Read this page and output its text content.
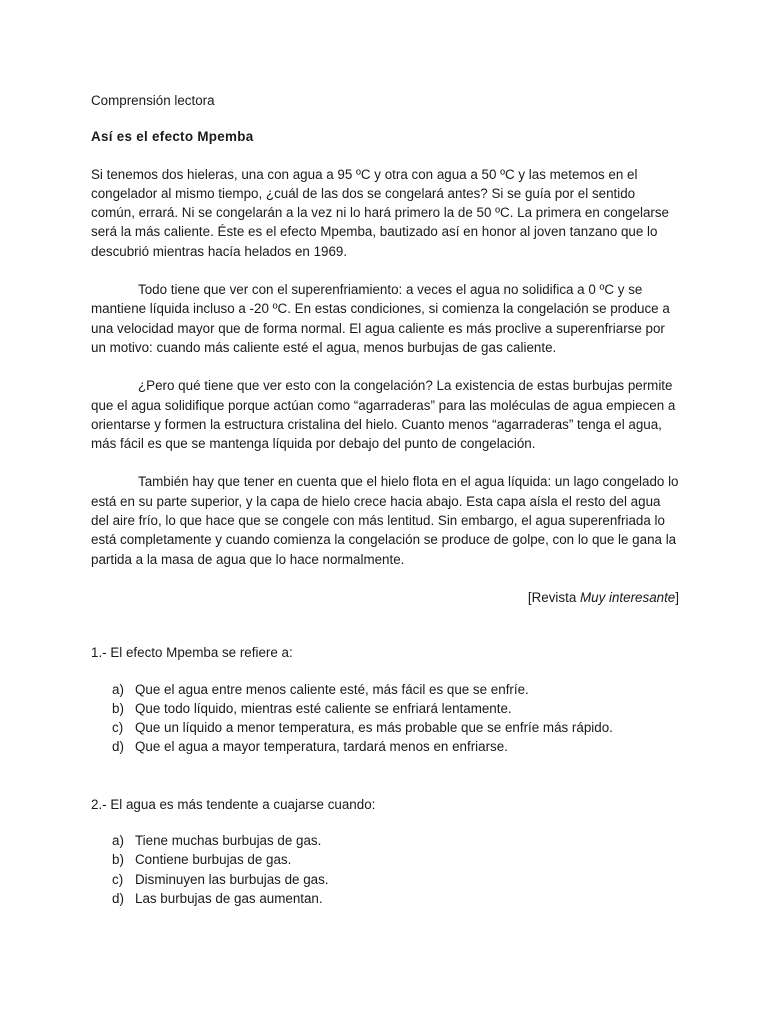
Comprensión lectora

Así es el efecto Mpemba

Si tenemos dos hieleras, una con agua a 95 ºC y otra con agua a 50 ºC y las metemos en el congelador al mismo tiempo, ¿cuál de las dos se congelará antes? Si se guía por el sentido común, errará. Ni se congelarán a la vez ni lo hará primero la de 50 ºC. La primera en congelarse será la más caliente. Éste es el efecto Mpemba, bautizado así en honor al joven tanzano que lo descubrió mientras hacía helados en 1969.

Todo tiene que ver con el superenfriamiento: a veces el agua no solidifica a 0 ºC y se mantiene líquida incluso a -20 ºC. En estas condiciones, si comienza la congelación se produce a una velocidad mayor que de forma normal. El agua caliente es más proclive a superenfriarse por un motivo: cuando más caliente esté el agua, menos burbujas de gas caliente.

¿Pero qué tiene que ver esto con la congelación? La existencia de estas burbujas permite que el agua solidifique porque actúan como “agarraderas” para las moléculas de agua empiecen a orientarse y formen la estructura cristalina del hielo. Cuanto menos “agarraderas” tenga el agua, más fácil es que se mantenga líquida por debajo del punto de congelación.

También hay que tener en cuenta que el hielo flota en el agua líquida: un lago congelado lo está en su parte superior, y la capa de hielo crece hacia abajo. Esta capa aísla el resto del agua del aire frío, lo que hace que se congele con más lentitud. Sin embargo, el agua superenfriada lo está completamente y cuando comienza la congelación se produce de golpe, con lo que le gana la partida a la masa de agua que lo hace normalmente.

[Revista Muy interesante]

1.- El efecto Mpemba se refiere a:

a) Que el agua entre menos caliente esté, más fácil es que se enfríe.
b) Que todo líquido, mientras esté caliente se enfriará lentamente.
c) Que un líquido a menor temperatura, es más probable que se enfríe más rápido.
d) Que el agua a mayor temperatura, tardará menos en enfriarse.

2.- El agua es más tendente a cuajarse cuando:

a) Tiene muchas burbujas de gas.
b) Contiene burbujas de gas.
c) Disminuyen las burbujas de gas.
d) Las burbujas de gas aumentan.
